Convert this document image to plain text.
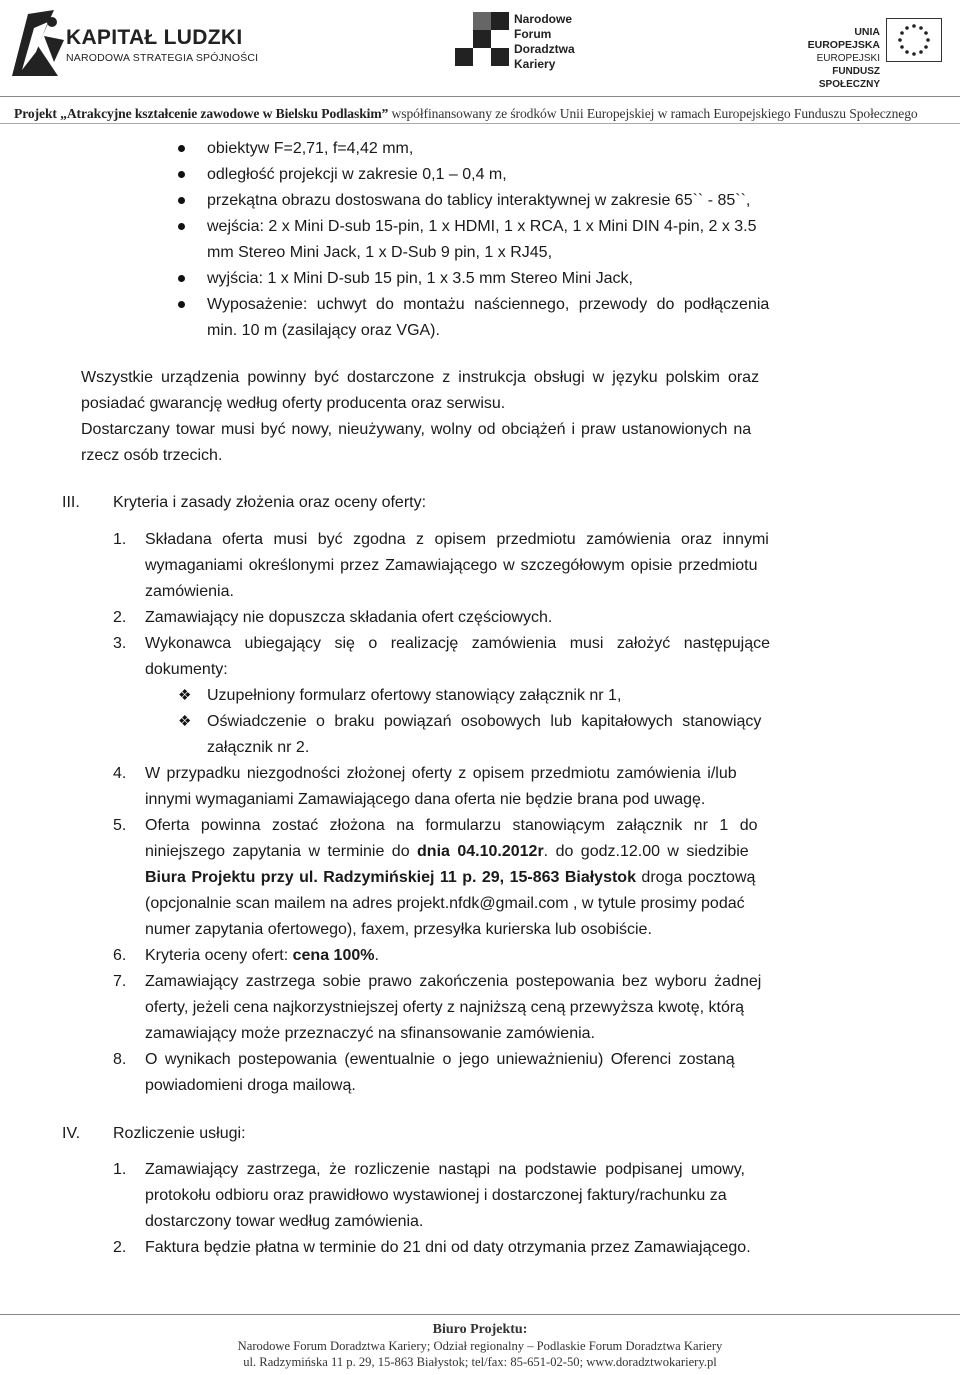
KAPITAŁ LUDZKI
NARODOWA STRATEGIA SPÓJNOŚCI
Narodowe
Forum
Doradztwa
Kariery
UNIA EUROPEJSKA
EUROPEJSKI
FUNDUSZ SPOŁECZNY
Projekt „Atrakcyjne kształcenie zawodowe w Bielsku Podlaskim” współfinansowany ze środków Unii Europejskiej w ramach Europejskiego Funduszu Społecznego
obiektyw F=2,71, f=4,42 mm,
odległość projekcji w zakresie 0,1 – 0,4 m,
przekątna obrazu dostoswana do tablicy interaktywnej w zakresie 65`` - 85``,
wejścia: 2 x Mini D-sub 15-pin, 1 x HDMI, 1 x RCA, 1 x Mini DIN 4-pin, 2 x 3.5
mm Stereo Mini Jack, 1 x D-Sub 9 pin, 1 x RJ45,
wyjścia: 1 x Mini D-sub 15 pin, 1 x 3.5 mm Stereo Mini Jack,
Wyposażenie: uchwyt do montażu naściennego, przewody do podłączenia
min. 10 m (zasilający oraz VGA).
Wszystkie urządzenia powinny być dostarczone z instrukcja obsługi w języku polskim oraz
posiadać gwarancję według oferty producenta oraz serwisu.
Dostarczany towar musi być nowy, nieużywany, wolny od obciążeń i praw ustanowionych na
rzecz osób trzecich.
III. Kryteria i zasady złożenia oraz oceny oferty:
1. Składana oferta musi być zgodna z opisem przedmiotu zamówienia oraz innymi
wymaganiami określonymi przez Zamawiającego w szczegółowym opisie przedmiotu
zamówienia.
2. Zamawiający nie dopuszcza składania ofert częściowych.
3. Wykonawca ubiegający się o realizację zamówienia musi założyć następujące
dokumenty:
❖ Uzupełniony formularz ofertowy stanowiący załącznik nr 1,
❖ Oświadczenie o braku powiązań osobowych lub kapitałowych stanowiący
załącznik nr 2.
4. W przypadku niezgodności złożonej oferty z opisem przedmiotu zamówienia i/lub
innymi wymaganiami Zamawiającego dana oferta nie będzie brana pod uwagę.
5. Oferta powinna zostać złożona na formularzu stanowiącym załącznik nr 1 do
niniejszego zapytania w terminie do dnia 04.10.2012r. do godz.12.00 w siedzibie
Biura Projektu przy ul. Radzymińskiej 11 p. 29, 15-863 Białystok droga pocztową
(opcjonalnie scan mailem na adres projekt.nfdk@gmail.com , w tytule prosimy podać
numer zapytania ofertowego), faxem, przesyłka kurierska lub osobiście.
6. Kryteria oceny ofert: cena 100%.
7. Zamawiający zastrzega sobie prawo zakończenia postepowania bez wyboru żadnej
oferty, jeżeli cena najkorzystniejszej oferty z najniższą ceną przewyższa kwotę, którą
zamawiający może przeznaczyć na sfinansowanie zamówienia.
8. O wynikach postepowania (ewentualnie o jego unieważnieniu) Oferenci zostaną
powiadomieni droga mailową.
IV. Rozliczenie usługi:
1. Zamawiający zastrzega, że rozliczenie nastąpi na podstawie podpisanej umowy,
protokołu odbioru oraz prawidłowo wystawionej i dostarczonej faktury/rachunku za
dostarczony towar według zamówienia.
2. Faktura będzie płatna w terminie do 21 dni od daty otrzymania przez Zamawiającego.
Biuro Projektu:
Narodowe Forum Doradztwa Kariery; Odział regionalny – Podlaskie Forum Doradztwa Kariery
ul. Radzymińska 11 p. 29, 15-863 Białystok; tel/fax: 85-651-02-50; www.doradztwokariery.pl
